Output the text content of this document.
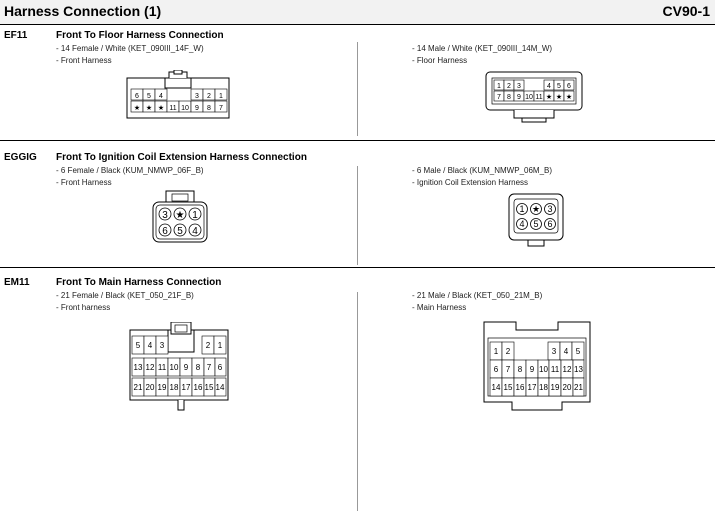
Harness Connection (1)	CV90-1
EF11	Front To Floor Harness Connection
- 14 Female / White (KET_090III_14F_W)
- Front Harness
- 14 Male / White (KET_090III_14M_W)
- Floor Harness
6 5 4	3 2 1
★ ★ ★ 11 10 9 8 7
1 2 3	4 5 6
7 8 9 10 11 ★ ★ ★
EGGIG Front To Ignition Coil Extension Harness Connection
- 6 Female / Black (KUM_NMWP_06F_B)
- Front Harness
- 6 Male / Black (KUM_NMWP_06M_B)
- Ignition Coil Extension Harness
3 ★ 1
6 5 4
1 ★ 3
4 5 6
EM11	Front To Main Harness Connection
- 21 Female / Black (KET_050_21F_B)
- Front harness
- 21 Male / Black (KET_050_21M_B)
- Main Harness
5 4 3	2 1
13 12 11 10 9 8 7 6
21 20 19 18 17 16 15 14
1 2	3 4 5
6 7 8 9 10 11 12 13
14 15 16 17 18 19 20 21
